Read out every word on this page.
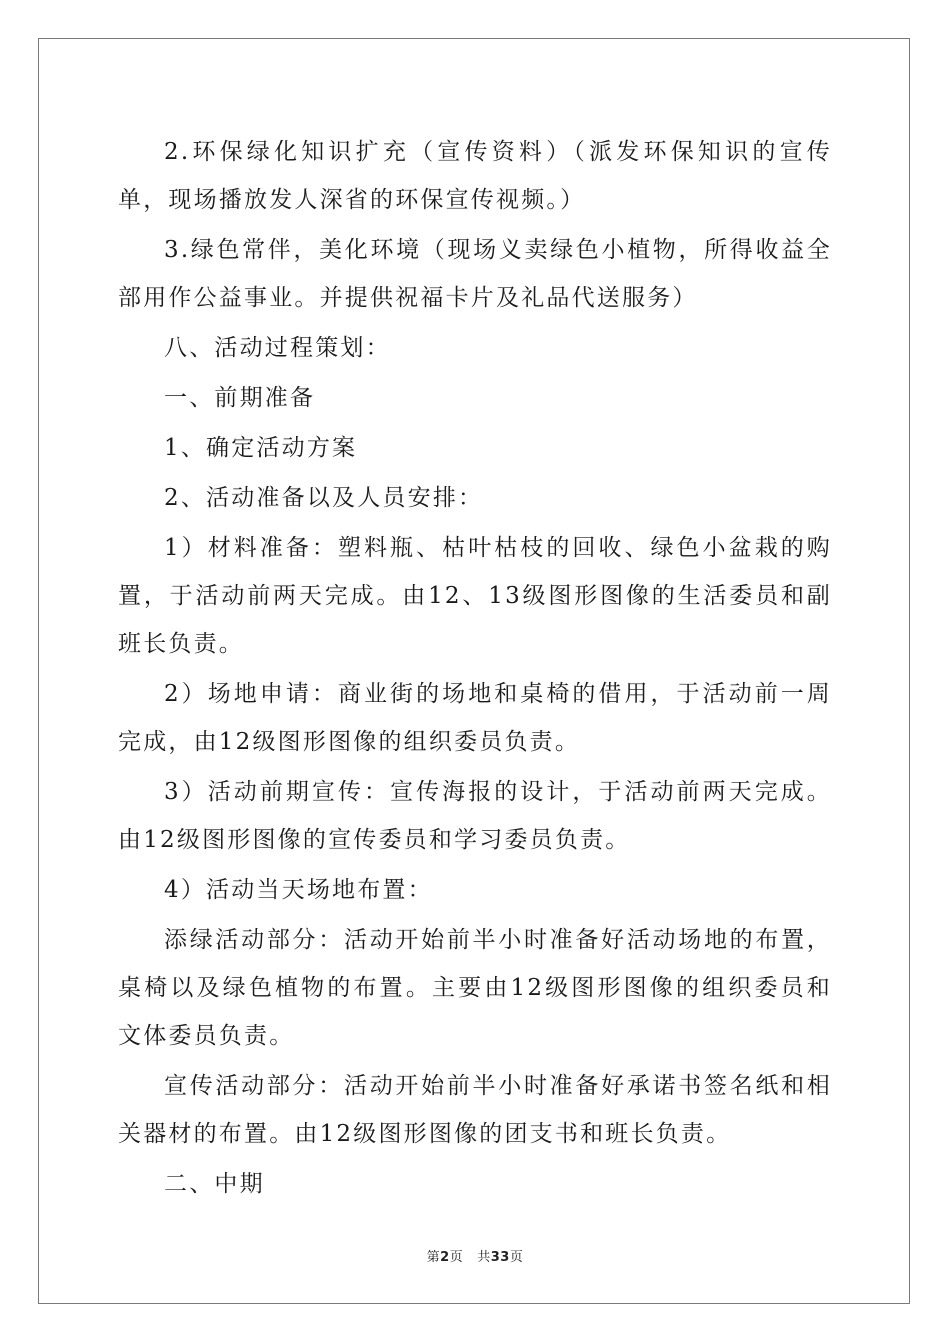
2.环保绿化知识扩充（宣传资料）（派发环保知识的宣传单，现场播放发人深省的环保宣传视频。）

3.绿色常伴，美化环境（现场义卖绿色小植物，所得收益全部用作公益事业。并提供祝福卡片及礼品代送服务）

八、活动过程策划：

一、前期准备

1、确定活动方案

2、活动准备以及人员安排：

1）材料准备：塑料瓶、枯叶枯枝的回收、绿色小盆栽的购置，于活动前两天完成。由12、13级图形图像的生活委员和副班长负责。

2）场地申请：商业街的场地和桌椅的借用，于活动前一周完成，由12级图形图像的组织委员负责。

3）活动前期宣传：宣传海报的设计，于活动前两天完成。由12级图形图像的宣传委员和学习委员负责。

4）活动当天场地布置：

添绿活动部分：活动开始前半小时准备好活动场地的布置，桌椅以及绿色植物的布置。主要由12级图形图像的组织委员和文体委员负责。

宣传活动部分：活动开始前半小时准备好承诺书签名纸和相关器材的布置。由12级图形图像的团支书和班长负责。

二、中期

第2页 共33页
